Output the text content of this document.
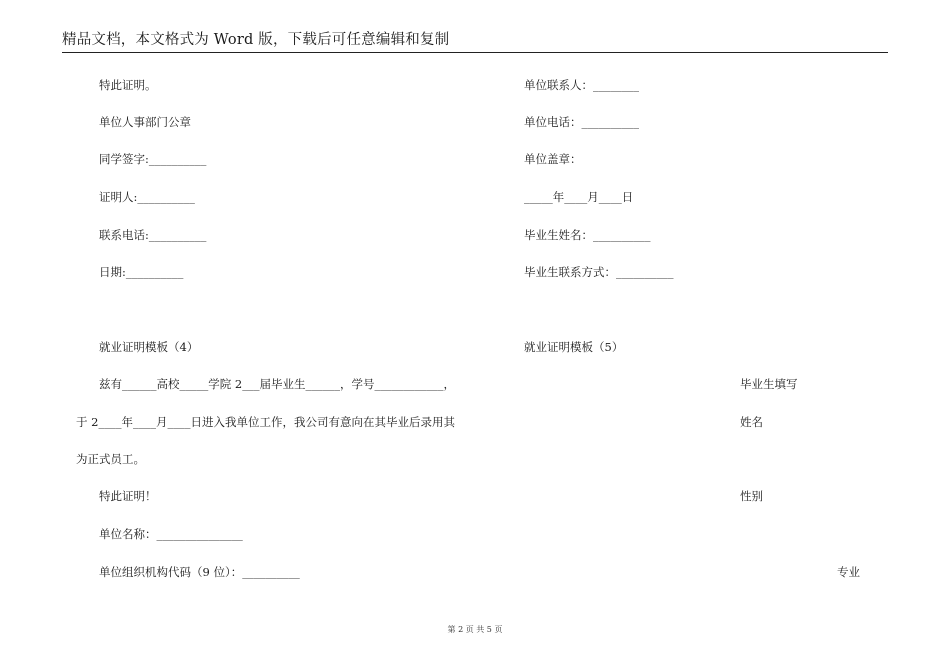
精品文档，本文格式为 Word 版，下载后可任意编辑和复制
特此证明。
单位人事部门公章
同学签字:__________
证明人:__________
联系电话:__________
日期:__________
单位联系人：________
单位电话：__________
单位盖章：
_____年____月____日
毕业生姓名：__________
毕业生联系方式：__________
就业证明模板（4）
兹有______高校_____学院 2___届毕业生______，学号____________，
于 2____年____月____日进入我单位工作，我公司有意向在其毕业后录用其
为正式员工。
特此证明！
单位名称：_______________
单位组织机构代码（9 位）：__________
就业证明模板（5）
毕业生填写
姓名
性别
专业
第 2 页 共 5 页
